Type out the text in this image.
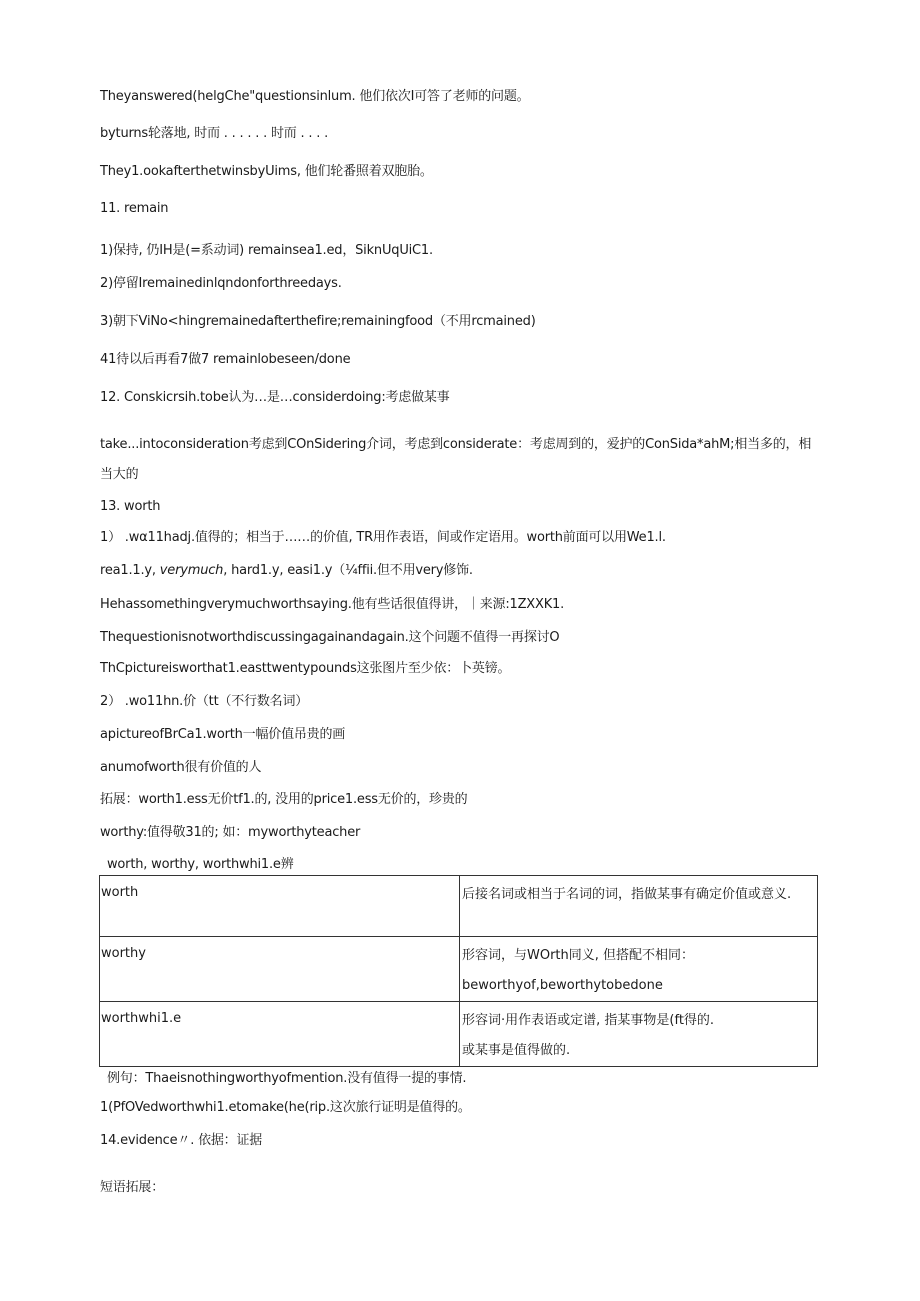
Theyanswered(helgChe"questionsinlum. 他们依次I可答了老师的问题。
byturns轮落地, 时而 . . . . . . 时而 . . . .
They1.ookafterthetwinsbyUims, 他们轮番照着双胞胎。
11. remain
1)保持, 仍IH是(=系动词) remainsea1.ed，SiknUqUiC1.
2)停留Iremainedinlqndonforthreedays.
3)朝下ViNo<hingremainedafterthefire;remainingfood（不用rcmained)
41待以后再看7做7 remainlobeseen/done
12. Conskicrsih.tobe认为…是…considerdoing:考虑做某事
take...intoconsideration考虑到COnSidering介词，考虑到considerate：考虑周到的，爱护的ConSida*ahM;相当多的，相当大的
13. worth
1） .wα11hadj.值得的；相当于……的价值, TR用作表语，间或作定语用。worth前面可以用We1.l.
rea1.1.y, verymuch, hard1.y, easi1.y（¼ffii.但不用very修饰.
Hehassomethingverymuchworthsaying.他有些话很值得讲，｜来源:1ZXXK1.
Thequestionisnotworthdiscussingagainandagain.这个问题不值得一再探讨O
ThCpictureisworthat1.easttwentypounds这张图片至少依：卜英镑。
2） .wo11hn.价（tt（不行数名词）
apictureofBrCa1.worth一幅价值吊贵的画
anumofworth很有价值的人
拓展：worth1.ess无价tf1.的, 没用的price1.ess无价的，珍贵的
worthy:值得敬31的; 如：myworthyteacher
worth, worthy, worthwhi1.e辨
worth	后接名词或相当于名词的词，指做某事有确定价值或意义.
worthy	形容词，与WOrth同义, 但搭配不相同：
beworthyof,beworthytobedone

worthwhi1.e	形容词·用作表语或定谱, 指某事物是(ft得的.
或某事是值得做的.
例句：Thaeisnothingworthyofmention.没有值得一提的事情.
1(PfOVedworthwhi1.etomake(he(rip.这次旅行证明是值得的。
14.evidence〃. 依据：证据
短语拓展：
